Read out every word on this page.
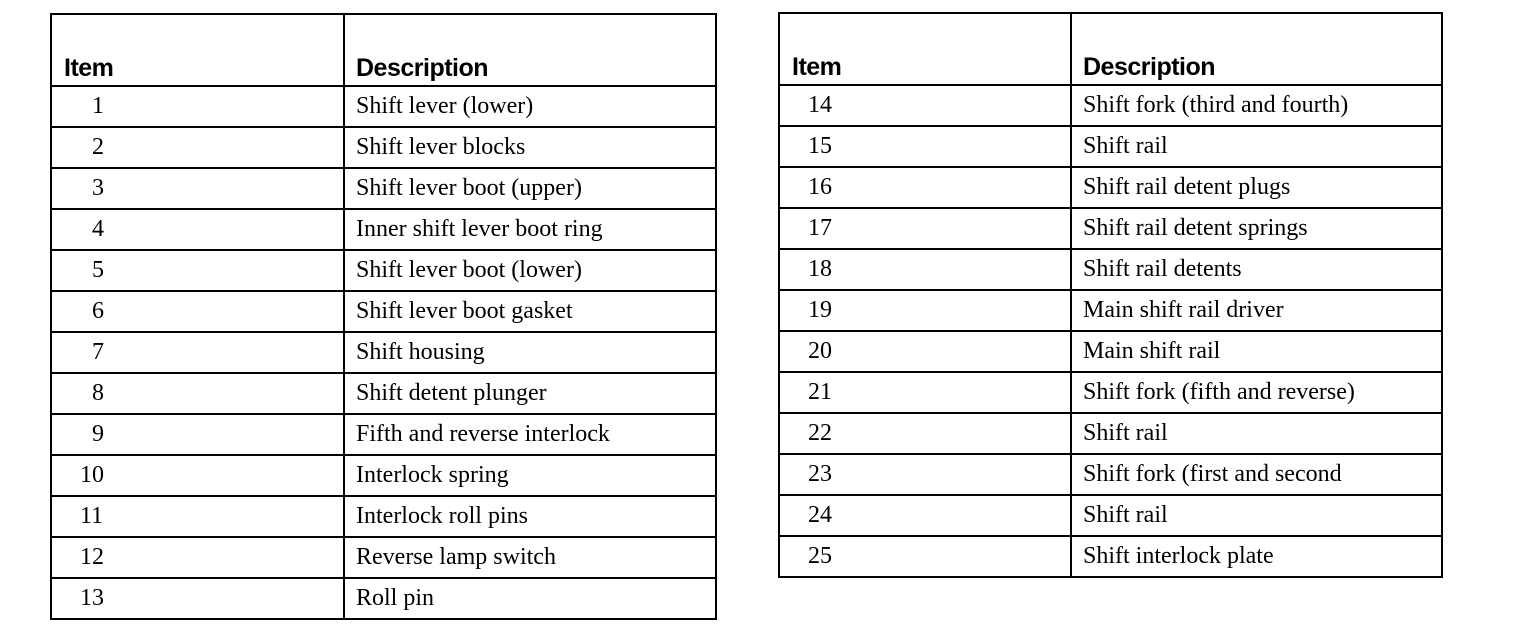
Item	Description
1	Shift lever (lower)
2	Shift lever blocks
3	Shift lever boot (upper)
4	Inner shift lever boot ring
5	Shift lever boot (lower)
6	Shift lever boot gasket
7	Shift housing
8	Shift detent plunger
9	Fifth and reverse interlock
10	Interlock spring
11	Interlock roll pins
12	Reverse lamp switch
13	Roll pin
Item	Description
14	Shift fork (third and fourth)
15	Shift rail
16	Shift rail detent plugs
17	Shift rail detent springs
18	Shift rail detents
19	Main shift rail driver
20	Main shift rail
21	Shift fork (fifth and reverse)
22	Shift rail
23	Shift fork (first and second
24	Shift rail
25	Shift interlock plate
